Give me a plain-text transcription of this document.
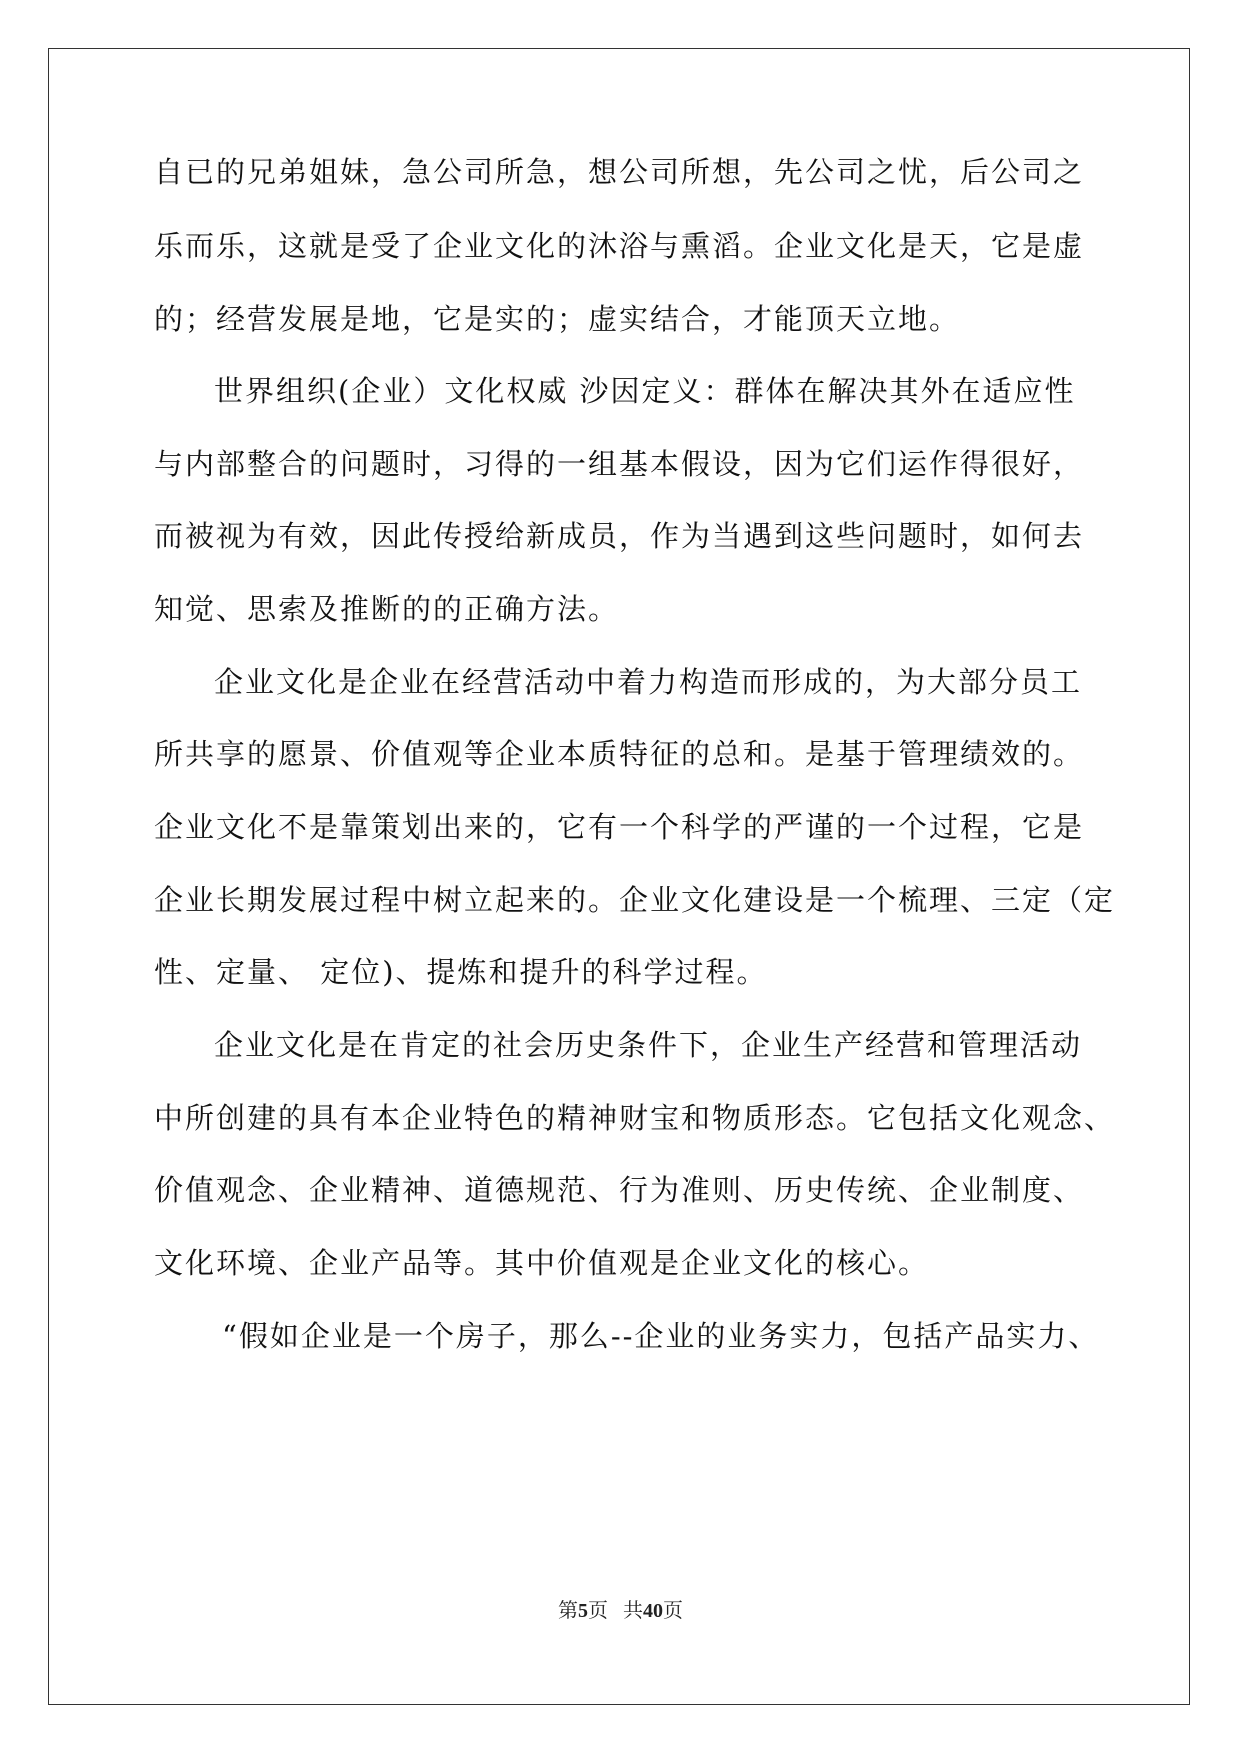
自已的兄弟姐妹，急公司所急，想公司所想，先公司之忧，后公司之
乐而乐，这就是受了企业文化的沐浴与熏滔。企业文化是天，它是虚
的；经营发展是地，它是实的；虚实结合，才能顶天立地。
世界组织(企业）文化权威 沙因定义：群体在解决其外在适应性
与内部整合的问题时，习得的一组基本假设，因为它们运作得很好，
而被视为有效，因此传授给新成员，作为当遇到这些问题时，如何去
知觉、思索及推断的的正确方法。
企业文化是企业在经营活动中着力构造而形成的，为大部分员工
所共享的愿景、价值观等企业本质特征的总和。是基于管理绩效的。
企业文化不是靠策划出来的，它有一个科学的严谨的一个过程，它是
企业长期发展过程中树立起来的。企业文化建设是一个梳理、三定（定
性、定量、 定位)、提炼和提升的科学过程。
企业文化是在肯定的社会历史条件下，企业生产经营和管理活动
中所创建的具有本企业特色的精神财宝和物质形态。它包括文化观念、
价值观念、企业精神、道德规范、行为准则、历史传统、企业制度、
文化环境、企业产品等。其中价值观是企业文化的核心。
“假如企业是一个房子，那么--企业的业务实力，包括产品实力、
第5页 共40页
